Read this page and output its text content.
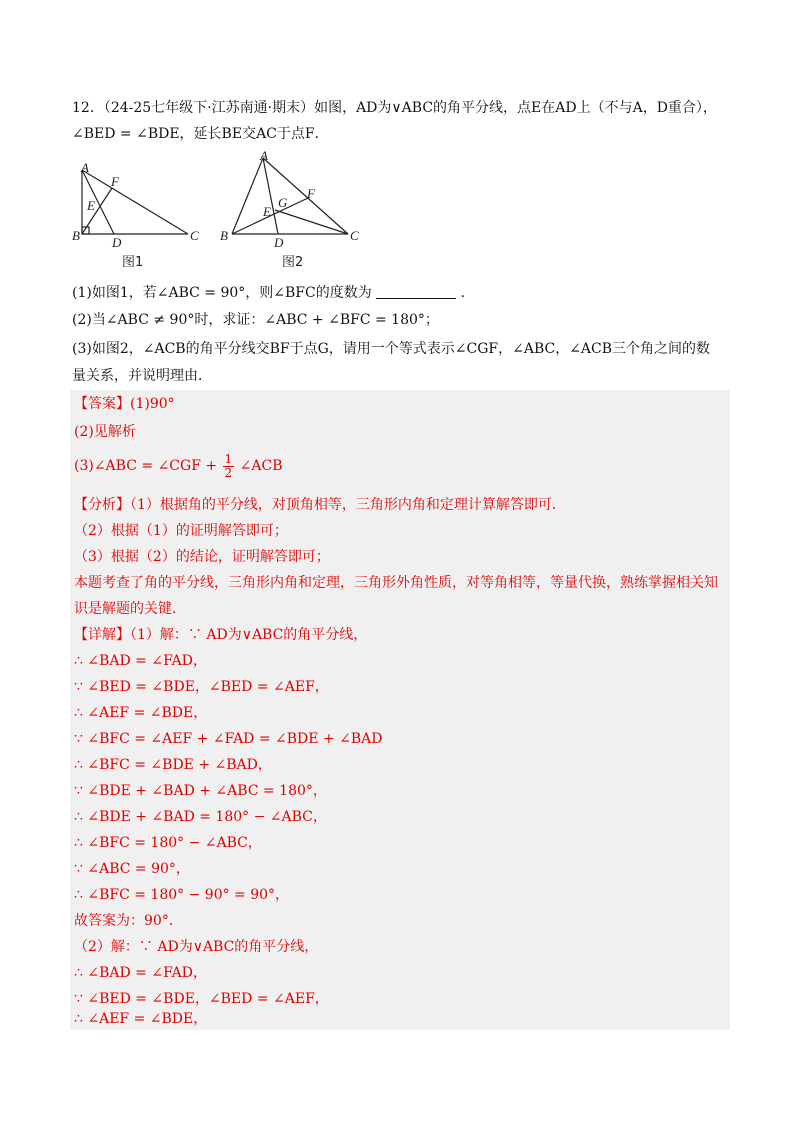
12．（24-25七年级下·江苏南通·期末）如图，AD为∨ABC的角平分线，点E在AD上（不与A，D重合），
∠BED = ∠BDE，延长BE交AC于点F．
A
B	C
D
E
F
图1
A
B	C
D
E
F
G
图2
(1)如图1，若∠ABC = 90°，则∠BFC的度数为	．
(2)当∠ABC ≠ 90°时，求证：∠ABC + ∠BFC = 180°；
(3)如图2，∠ACB的角平分线交BF于点G，请用一个等式表示∠CGF，∠ABC，∠ACB三个角之间的数
量关系，并说明理由．
【答案】(1)90°
(2)见解析
(3)∠ABC = ∠CGF + $\frac{1}{2}$ ∠ACB
【分析】（1）根据角的平分线，对顶角相等，三角形内角和定理计算解答即可．
（2）根据（1）的证明解答即可；
（3）根据（2）的结论，证明解答即可；
本题考查了角的平分线，三角形内角和定理，三角形外角性质，对等角相等，等量代换，熟练掌握相关知
识是解题的关键．
【详解】（1）解：∵ AD为∨ABC的角平分线，
∴ ∠BAD = ∠FAD，
∵ ∠BED = ∠BDE，∠BED = ∠AEF，
∴ ∠AEF = ∠BDE，
∵ ∠BFC = ∠AEF + ∠FAD = ∠BDE + ∠BAD
∴ ∠BFC = ∠BDE + ∠BAD，
∵ ∠BDE + ∠BAD + ∠ABC = 180°，
∴ ∠BDE + ∠BAD = 180° − ∠ABC，
∴ ∠BFC = 180° − ∠ABC，
∵ ∠ABC = 90°，
∴ ∠BFC = 180° − 90° = 90°，
故答案为：90°．
（2）解：∵ AD为∨ABC的角平分线，
∴ ∠BAD = ∠FAD，
∵ ∠BED = ∠BDE，∠BED = ∠AEF，
∴ ∠AEF = ∠BDE，
